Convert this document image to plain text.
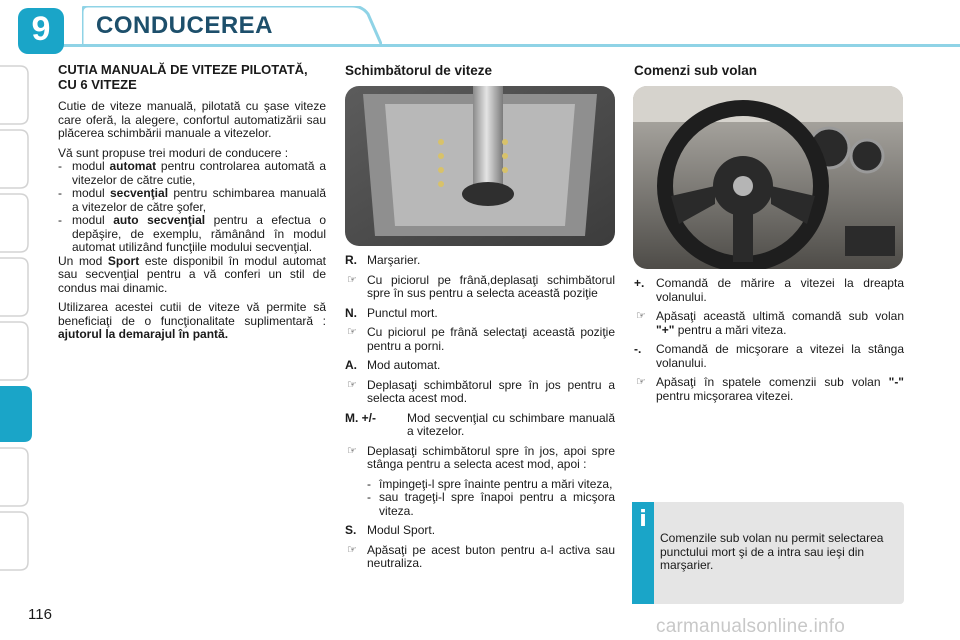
9	CONDUCEREA
CUTIA MANUALĂ DE VITEZE PILOTATĂ, CU 6 VITEZE

Cutie de viteze manuală, pilotată cu şase viteze care oferă, la alegere, confortul automatizării sau plăcerea schimbării manuale a vitezelor.

Vă sunt propuse trei moduri de conducere :

- modul automat pentru controlarea automată a vitezelor de către cutie,
- modul secvenţial pentru schimbarea manuală a vitezelor de către şofer,
- modul auto secvenţial pentru a efectua o depăşire, de exemplu, rămânând în modul automat utilizând funcţiile modului secvenţial.

Un mod Sport este disponibil în modul automat sau secvenţial pentru a vă conferi un stil de condus mai dinamic.

Utilizarea acestei cutii de viteze vă permite să beneficiaţi de o funcţionalitate suplimentară : ajutorul la demarajul în pantă.

Schimbătorul de viteze
R. Marşarier.
☞ Cu piciorul pe frână,deplasaţi schimbătorul spre în sus pentru a selecta această poziţie
N. Punctul mort.
☞ Cu piciorul pe frână selectaţi această poziţie pentru a porni.
A. Mod automat.
☞ Deplasaţi schimbătorul spre în jos pentru a selecta acest mod.
M. +/-	Mod secvenţial cu schimbare manuală a vitezelor.
☞ Deplasaţi schimbătorul spre în jos, apoi spre stânga pentru a selecta acest mod, apoi :
- împingeţi-l spre înainte pentru a mări viteza,
- sau trageţi-l spre înapoi pentru a micşora viteza.
S. Modul Sport.
☞ Apăsaţi pe acest buton pentru a-l activa sau neutraliza.
Comenzi sub volan
+. Comandă de mărire a vitezei la dreapta volanului.
☞ Apăsaţi această ultimă comandă sub volan "+" pentru a mări viteza.
-. Comandă de micşorare a vitezei la stânga volanului.
☞ Apăsaţi în spatele comenzii sub volan "-" pentru micşorarea vitezei.
i
Comenzile sub volan nu permit selectarea punctului mort şi de a intra sau ieşi din marşarier.
116
carmanualsonline.info
